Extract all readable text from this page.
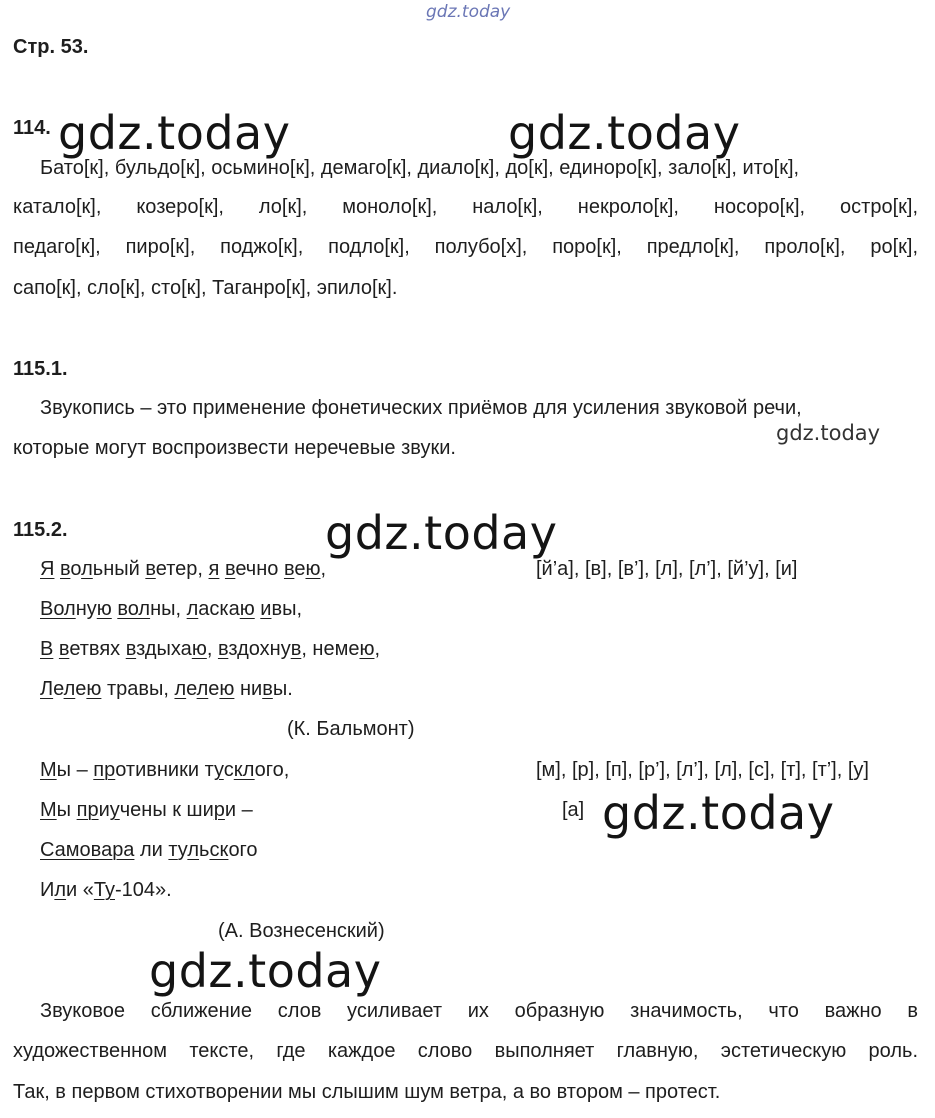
gdz.today
Стр. 53.
114. gdz.today	gdz.today
Бато[к], бульдо[к], осьмино[к], демаго[к], диало[к], до[к], единоро[к], зало[к], ито[к],
катало[к], козеро[к], ло[к], моноло[к], нало[к], некроло[к], носоро[к], остро[к],
педаго[к], пиро[к], поджо[к], подло[к], полубо[х], поро[к], предло[к], проло[к], ро[к],
сапо[к], сло[к], сто[к], Таганро[к], эпило[к].
115.1.
Звукопись – это применение фонетических приёмов для усиления звуковой речи,
gdz.today
которые могут воспроизвести неречевые звуки.
115.2.	gdz.today
Я вольный ветер, я вечно вею,	[й’а], [в], [в’], [л], [л’], [й’у], [и]
Волную волны, ласкаю ивы,
В ветвях вздыхаю, вздохнув, немею,
Лелею травы, лелею нивы.
(К. Бальмонт)
Мы – противники тусклого,	[м], [р], [п], [р’], [л’], [л], [с], [т], [т’], [у]
Мы приучены к шири –	[а] gdz.today
Самовара ли тульского
Или «Ту-104».
(А. Вознесенский)
gdz.today
Звуковое сближение слов усиливает их образную значимость, что важно в
художественном тексте, где каждое слово выполняет главную, эстетическую роль.
Так, в первом стихотворении мы слышим шум ветра, а во втором – протест.
